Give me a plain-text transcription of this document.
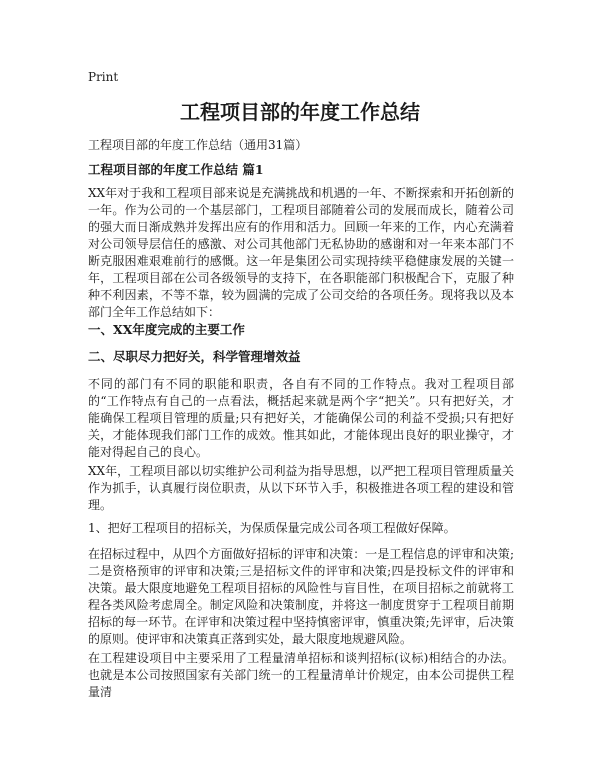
Print
工程项目部的年度工作总结
工程项目部的年度工作总结（通用31篇）
工程项目部的年度工作总结 篇1
XX年对于我和工程项目部来说是充满挑战和机遇的一年、不断探索和开拓创新的一年。作为公司的一个基层部门，工程项目部随着公司的发展而成长，随着公司的强大而日渐成熟并发挥出应有的作用和活力。回顾一年来的工作，内心充满着对公司领导层信任的感激、对公司其他部门无私协助的感谢和对一年来本部门不断克服困难艰难前行的感慨。这一年是集团公司实现持续平稳健康发展的关键一年，工程项目部在公司各级领导的支持下，在各职能部门积极配合下，克服了种种不利因素，不等不靠，较为圆满的完成了公司交给的各项任务。现将我以及本部门全年工作总结如下：
一、XX年度完成的主要工作
二、尽职尽力把好关，科学管理增效益
不同的部门有不同的职能和职责，各自有不同的工作特点。我对工程项目部的“工作特点有自己的一点看法，概括起来就是两个字“把关”。只有把好关，才能确保工程项目管理的质量;只有把好关，才能确保公司的利益不受损;只有把好关，才能体现我们部门工作的成效。惟其如此，才能体现出良好的职业操守，才能对得起自己的良心。
XX年，工程项目部以切实维护公司利益为指导思想，以严把工程项目管理质量关作为抓手，认真履行岗位职责，从以下环节入手，积极推进各项工程的建设和管理。
1、把好工程项目的招标关，为保质保量完成公司各项工程做好保障。
在招标过程中，从四个方面做好招标的评审和决策：一是工程信息的评审和决策;二是资格预审的评审和决策;三是招标文件的评审和决策;四是投标文件的评审和决策。最大限度地避免工程项目招标的风险性与盲目性，在项目招标之前就将工程各类风险考虑周全。制定风险和决策制度，并将这一制度贯穿于工程项目前期招标的每一环节。在评审和决策过程中坚持慎密评审，慎重决策;先评审，后决策的原则。使评审和决策真正落到实处，最大限度地规避风险。
在工程建设项目中主要采用了工程量清单招标和谈判招标(议标)相结合的办法。也就是本公司按照国家有关部门统一的工程量清单计价规定，由本公司提供工程量清
